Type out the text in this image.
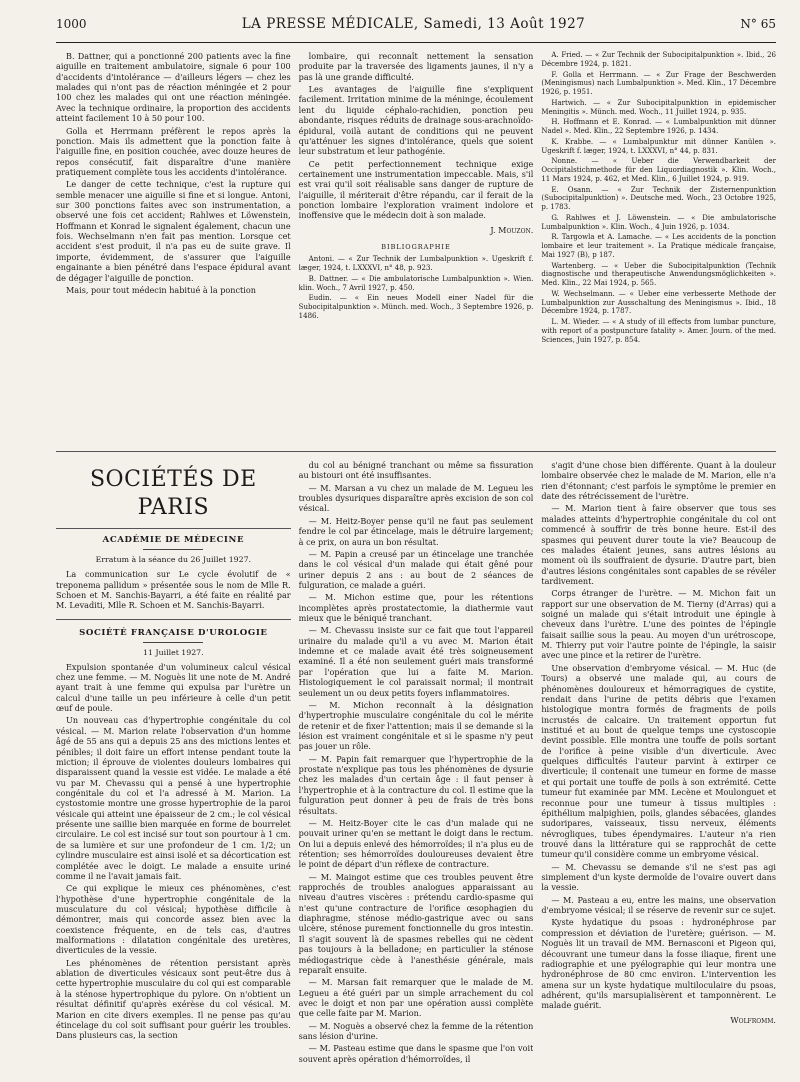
1000	LA PRESSE MÉDICALE, Samedi, 13 Août 1927	N° 65

B. Dattner, qui a ponctionné 200 patients avec la fine aiguille en traitement ambulatoire, signale 6 pour 100 d'accidents d'intolérance — d'ailleurs légers — chez les malades qui n'ont pas de réaction méningée et 2 pour 100 chez les malades qui ont une réaction méningée. Avec la technique ordinaire, la proportion des accidents atteint facilement 10 à 50 pour 100.

Golla et Herrmann préfèrent le repos après la ponction. Mais ils admettent que la ponction faite à l'aiguille fine, en position couchée, avec douze heures de repos consécutif, fait disparaître d'une manière pratiquement complète tous les accidents d'intolérance.

Le danger de cette technique, c'est la rupture qui semble menacer une aiguille si fine et si longue. Antoni, sur 300 ponctions faites avec son instrumentation, a observé une fois cet accident; Rahlwes et Löwenstein, Hoffmann et Konrad le signalent également, chacun une fois. Wechselmann n'en fait pas mention. Lorsque cet accident s'est produit, il n'a pas eu de suite grave. Il importe, évidemment, de s'assurer que l'aiguille engainante a bien pénétré dans l'espace épidural avant de dégager l'aiguille de ponction.

Mais, pour tout médecin habitué à la ponction

lombaire, qui reconnaît nettement la sensation produite par la traversée des ligaments jaunes, il n'y a pas là une grande difficulté.

Les avantages de l'aiguille fine s'expliquent facilement. Irritation minime de la méninge, écoulement lent du liquide céphalo-rachidien, ponction peu abondante, risques réduits de drainage sous-arachnoïdo-épidural, voilà autant de conditions qui ne peuvent qu'atténuer les signes d'intolérance, quels que soient leur substratum et leur pathogénie.

Ce petit perfectionnement technique exige certainement une instrumentation impeccable. Mais, s'il est vrai qu'il soit réalisable sans danger de rupture de l'aiguille, il mériterait d'être répandu, car il ferait de la ponction lombaire l'exploration vraiment indolore et inoffensive que le médecin doit à son malade.

J. Mouzon.
BIBLIOGRAPHIE

Antoni. — « Zur Technik der Lumbalpunktion ». Ugeskrift f. læger, 1924, t. LXXXVI, n° 48, p. 923.

B. Dattner. — « Die ambulatorische Lumbalpunktion ». Wien. klin. Woch., 7 Avril 1927, p. 450.

Eudin. — « Ein neues Modell einer Nadel für die Subocipitalpunktion ». Münch. med. Woch., 3 Septembre 1926, p. 1486.

A. Fried. — « Zur Technik der Subocipitalpunktion ». Ibid., 26 Décembre 1924, p. 1821.

F. Golla et Herrmann. — « Zur Frage der Beschwerden (Meningismus) nach Lumbalpunktion ». Med. Klin., 17 Décembre 1926, p. 1951.

Hartwich. — « Zur Subocipitalpunktion in epidemischer Meningitis ». Münch. med. Woch., 11 Juillet 1924, p. 935.

H. Hoffmann et E. Konrad. — « Lumbalpunktion mit dünner Nadel ». Med. Klin., 22 Septembre 1926, p. 1434.

K. Krabbe. — « Lumbalpunktur mit dünner Kanülen ». Ugeskrift f. læger, 1924, t. LXXXVI, n° 44, p. 831.

Nonne. — « Ueber die Verwendbarkeit der Occipitalstichmethode für den Liquordiagnostik ». Klin. Woch., 11 Mars 1924, p. 462, et Med. Klin., 6 Juillet 1924, p. 919.

E. Osann. — « Zur Technik der Zisternenpunktion (Subocipitalpunktion) ». Deutsche med. Woch., 23 Octobre 1925, p. 1783.

G. Rahlwes et J. Löwenstein. — « Die ambulatorische Lumbalpunktion ». Klin. Woch., 4 Juin 1926, p. 1034.

R. Targowla et A. Lamache. — « Les accidents de la ponction lombaire et leur traitement ». La Pratique médicale française, Mai 1927 (B), p 187.

Wartenberg. — « Ueber die Subocipitalpunktion (Technik diagnostische und therapeutische Anwendungsmöglichkeiten ». Med. Klin., 22 Mai 1924, p. 565.

W. Wechselmann. — « Ueber eine verbesserte Methode der Lumbalpunktion zur Ausschaltung des Meningismus ». Ibid., 18 Décembre 1924, p. 1787.

L. M. Wieder. — « A study of ill effects from lumbar puncture, with report of a postpuncture fatality ». Amer. Journ. of the med. Sciences, Juin 1927, p. 854.

SOCIÉTÉS DE PARIS
ACADÉMIE DE MÉDECINE
Erratum à la séance du 26 Juillet 1927.

La communication sur Le cycle évolutif de « treponema pallidum » présentée sous le nom de Mlle R. Schoen et M. Sanchis-Bayarri, a été faite en réalité par M. Levaditi, Mlle R. Schoen et M. Sanchis-Bayarri.

SOCIÉTÉ FRANÇAISE D'UROLOGIE
11 Juillet 1927.

Expulsion spontanée d'un volumineux calcul vésical chez une femme. — M. Noguès lit une note de M. André ayant trait à une femme qui expulsa par l'urètre un calcul d'une taille un peu inférieure à celle d'un petit œuf de poule.

Un nouveau cas d'hypertrophie congénitale du col vésical. — M. Marion relate l'observation d'un homme âgé de 55 ans qui a depuis 25 ans des mictions lentes et pénibles; il doit faire un effort intense pendant toute la miction; il éprouve de violentes douleurs lombaires qui disparaissent quand la vessie est vidée. Le malade a été vu par M. Chevassu qui a pensé à une hypertrophie congénitale du col et l'a adressé à M. Marion. La cystostomie montre une grosse hypertrophie de la paroi vésicale qui atteint une épaisseur de 2 cm.; le col vésical présente une saillie bien marquée en forme de bourrelet circulaire. Le col est incisé sur tout son pourtour à 1 cm. de sa lumière et sur une profondeur de 1 cm. 1/2; un cylindre musculaire est ainsi isolé et sa décortication est complétée avec le doigt. Le malade a ensuite uriné comme il ne l'avait jamais fait.

Ce qui explique le mieux ces phénomènes, c'est l'hypothèse d'une hypertrophie congénitale de la musculature du col vésical; hypothèse difficile à démontrer, mais qui concorde assez bien avec la coexistence fréquente, en de tels cas, d'autres malformations : dilatation congénitale des uretères, diverticules de la vessie.

Les phénomènes de rétention persistant après ablation de diverticules vésicaux sont peut-être dus à cette hypertrophie musculaire du col qui est comparable à la sténose hypertrophique du pylore. On n'obtient un résultat définitif qu'après exérèse du col vésical. M. Marion en cite divers exemples. Il ne pense pas qu'au étincelage du col soit suffisant pour guérir les troubles. Dans plusieurs cas, la section

du col au bénigné tranchant ou même sa fissuration au bistouri ont été insuffisantes.

— M. Marsan a vu chez un malade de M. Legueu les troubles dysuriques disparaître après excision de son col vésical.

— M. Heitz-Boyer pense qu'il ne faut pas seulement fendre le col par étincelage, mais le détruire largement; à ce prix, on aura un bon résultat.

— M. Papin a creusé par un étincelage une tranchée dans le col vésical d'un malade qui était gêné pour uriner depuis 2 ans : au bout de 2 séances de fulguration, ce malade a guéri.

— M. Michon estime que, pour les rétentions incomplètes après prostatectomie, la diathermie vaut mieux que le béniqué tranchant.

— M. Chevassu insiste sur ce fait que tout l'appareil urinaire du malade qu'il a vu avec M. Marion était indemne et ce malade avait été très soigneusement examiné. Il a été non seulement guéri mais transformé par l'opération que lui a faite M. Marion. Histologiquement le col paraissait normal; il montrait seulement un ou deux petits foyers inflammatoires.

— M. Michon reconnaît à la désignation d'hypertrophie musculaire congénitale du col le mérite de retenir et de fixer l'attention; mais il se demande si la lésion est vraiment congénitale et si le spasme n'y peut pas jouer un rôle.

— M. Papin fait remarquer que l'hypertrophie de la prostate n'explique pas tous les phénomènes de dysurie chez les malades d'un certain âge : il faut penser à l'hypertrophie et à la contracture du col. Il estime que la fulguration peut donner à peu de frais de très bons résultats.

— M. Heitz-Boyer cite le cas d'un malade qui ne pouvait uriner qu'en se mettant le doigt dans le rectum. On lui a depuis enlevé des hémorroïdes; il n'a plus eu de rétention; ses hémorroïdes douloureuses devaient être le point de départ d'un réflexe de contracture.

— M. Maingot estime que ces troubles peuvent être rapprochés de troubles analogues apparaissant au niveau d'autres viscères : prétendu cardio-spasme qui n'est qu'une contracture de l'orifice œsophagien du diaphragme, sténose médio-gastrique avec ou sans ulcère, sténose purement fonctionnelle du gros intestin. Il s'agit souvent là de spasmes rebelles qui ne cèdent pas toujours à la belladone; en particulier la sténose médiogastrique cède à l'anesthésie générale, mais reparaît ensuite.

— M. Marsan fait remarquer que le malade de M. Legueu a été guéri par un simple arrachement du col avec le doigt et non par une opération aussi complète que celle faite par M. Marion.

— M. Noguès a observé chez la femme de la rétention sans lésion d'urine.

— M. Pasteau estime que dans le spasme que l'on voit souvent après opération d'hémorroïdes, il

s'agit d'une chose bien différente. Quant à la douleur lombaire observée chez le malade de M. Marion, elle n'a rien d'étonnant; c'est parfois le symptôme le premier en date des rétrécissement de l'urètre.

— M. Marion tient à faire observer que tous ses malades atteints d'hypertrophie congénitale du col ont commencé à souffrir de très bonne heure. Est-il des spasmes qui peuvent durer toute la vie? Beaucoup de ces malades étaient jeunes, sans autres lésions au moment où ils souffraient de dysurie. D'autre part, bien d'autres lésions congénitales sont capables de se révéler tardivement.

Corps étranger de l'urètre. — M. Michon fait un rapport sur une observation de M. Tierny (d'Arras) qui a soigné un malade qui s'était introduit une épingle à cheveux dans l'urètre. L'une des pointes de l'épingle faisait saillie sous la peau. Au moyen d'un urétroscope, M. Thierry put voir l'autre pointe de l'épingle, la saisir avec une pince et la retirer de l'urètre.

Une observation d'embryome vésical. — M. Huc (de Tours) a observé une malade qui, au cours de phénomènes douloureux et hémorragiques de cystite, rendait dans l'urine de petits débris que l'examen histologique montra formés de fragments de poils incrustés de calcaire. Un traitement opportun fut institué et au bout de quelque temps une cystoscopie devint possible. Elle montra une touffe de poils sortant de l'orifice à peine visible d'un diverticule. Avec quelques difficultés l'auteur parvint à extirper ce diverticule; il contenait une tumeur en forme de masse et qui portait une touffe de poils à son extrémité. Cette tumeur fut examinée par MM. Lecène et Moulonguet et reconnue pour une tumeur à tissus multiples : épithélium malpighien, poils, glandes sébacées, glandes sudoripares, vaisseaux, tissu nerveux, éléments névrogliques, tubes épendymaires. L'auteur n'a rien trouvé dans la littérature qui se rapprochât de cette tumeur qu'il considère comme un embryome vésical.

— M. Chevassu se demande s'il ne s'est pas agi simplement d'un kyste dermoïde de l'ovaire ouvert dans la vessie.

— M. Pasteau a eu, entre les mains, une observation d'embryome vésical; il se réserve de revenir sur ce sujet.

Kyste hydatique du psoas : hydronéphrose par compression et déviation de l'uretère; guérison. — M. Noguès lit un travail de MM. Bernasconi et Pigeon qui, découvrant une tumeur dans la fosse iliaque, firent une radiographie et une pyélographie qui leur montra une hydronéphrose de 80 cmc environ. L'intervention les amena sur un kyste hydatique multiloculaire du psoas, adhérent, qu'ils marsupialisèrent et tamponnèrent. Le malade guérit.

Wolfromm.
